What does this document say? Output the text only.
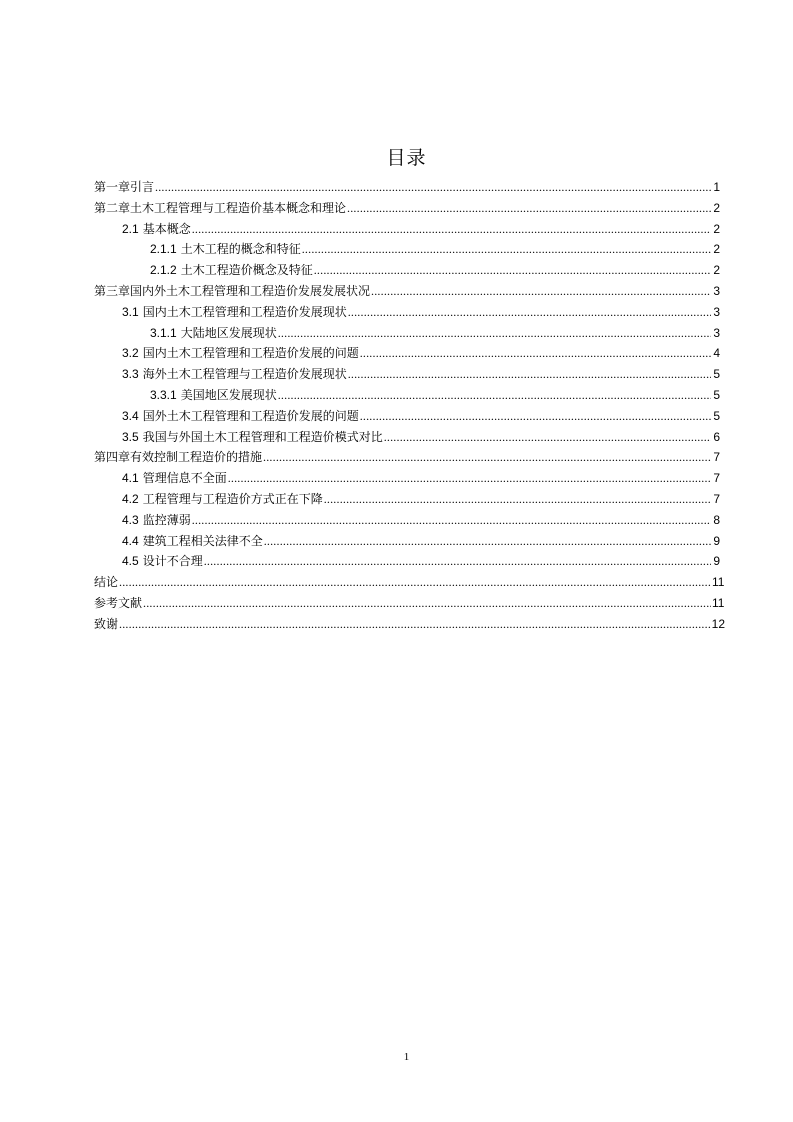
目录
第一章引言 .....	1
第二章土木工程管理与工程造价基本概念和理论 .....	2
2.1 基本概念 .....	2
2.1.1 土木工程的概念和特征 .....	2
2.1.2 土木工程造价概念及特征 .....	2
第三章国内外土木工程管理和工程造价发展发展状况 .....	3
3.1 国内土木工程管理和工程造价发展现状 .....	3
3.1.1 大陆地区发展现状 .....	3
3.2 国内土木工程管理和工程造价发展的问题 .....	4
3.3 海外土木工程管理与工程造价发展现状 .....	5
3.3.1 美国地区发展现状 .....	5
3.4 国外土木工程管理和工程造价发展的问题 .....	5
3.5 我国与外国土木工程管理和工程造价模式对比 .....	6
第四章有效控制工程造价的措施 .....	7
4.1 管理信息不全面 .....	7
4.2 工程管理与工程造价方式正在下降 .....	7
4.3 监控薄弱 .....	8
4.4 建筑工程相关法律不全 .....	9
4.5 设计不合理 .....	9
结论 .....	11
参考文献 .....	11
致谢 .....	12
1
